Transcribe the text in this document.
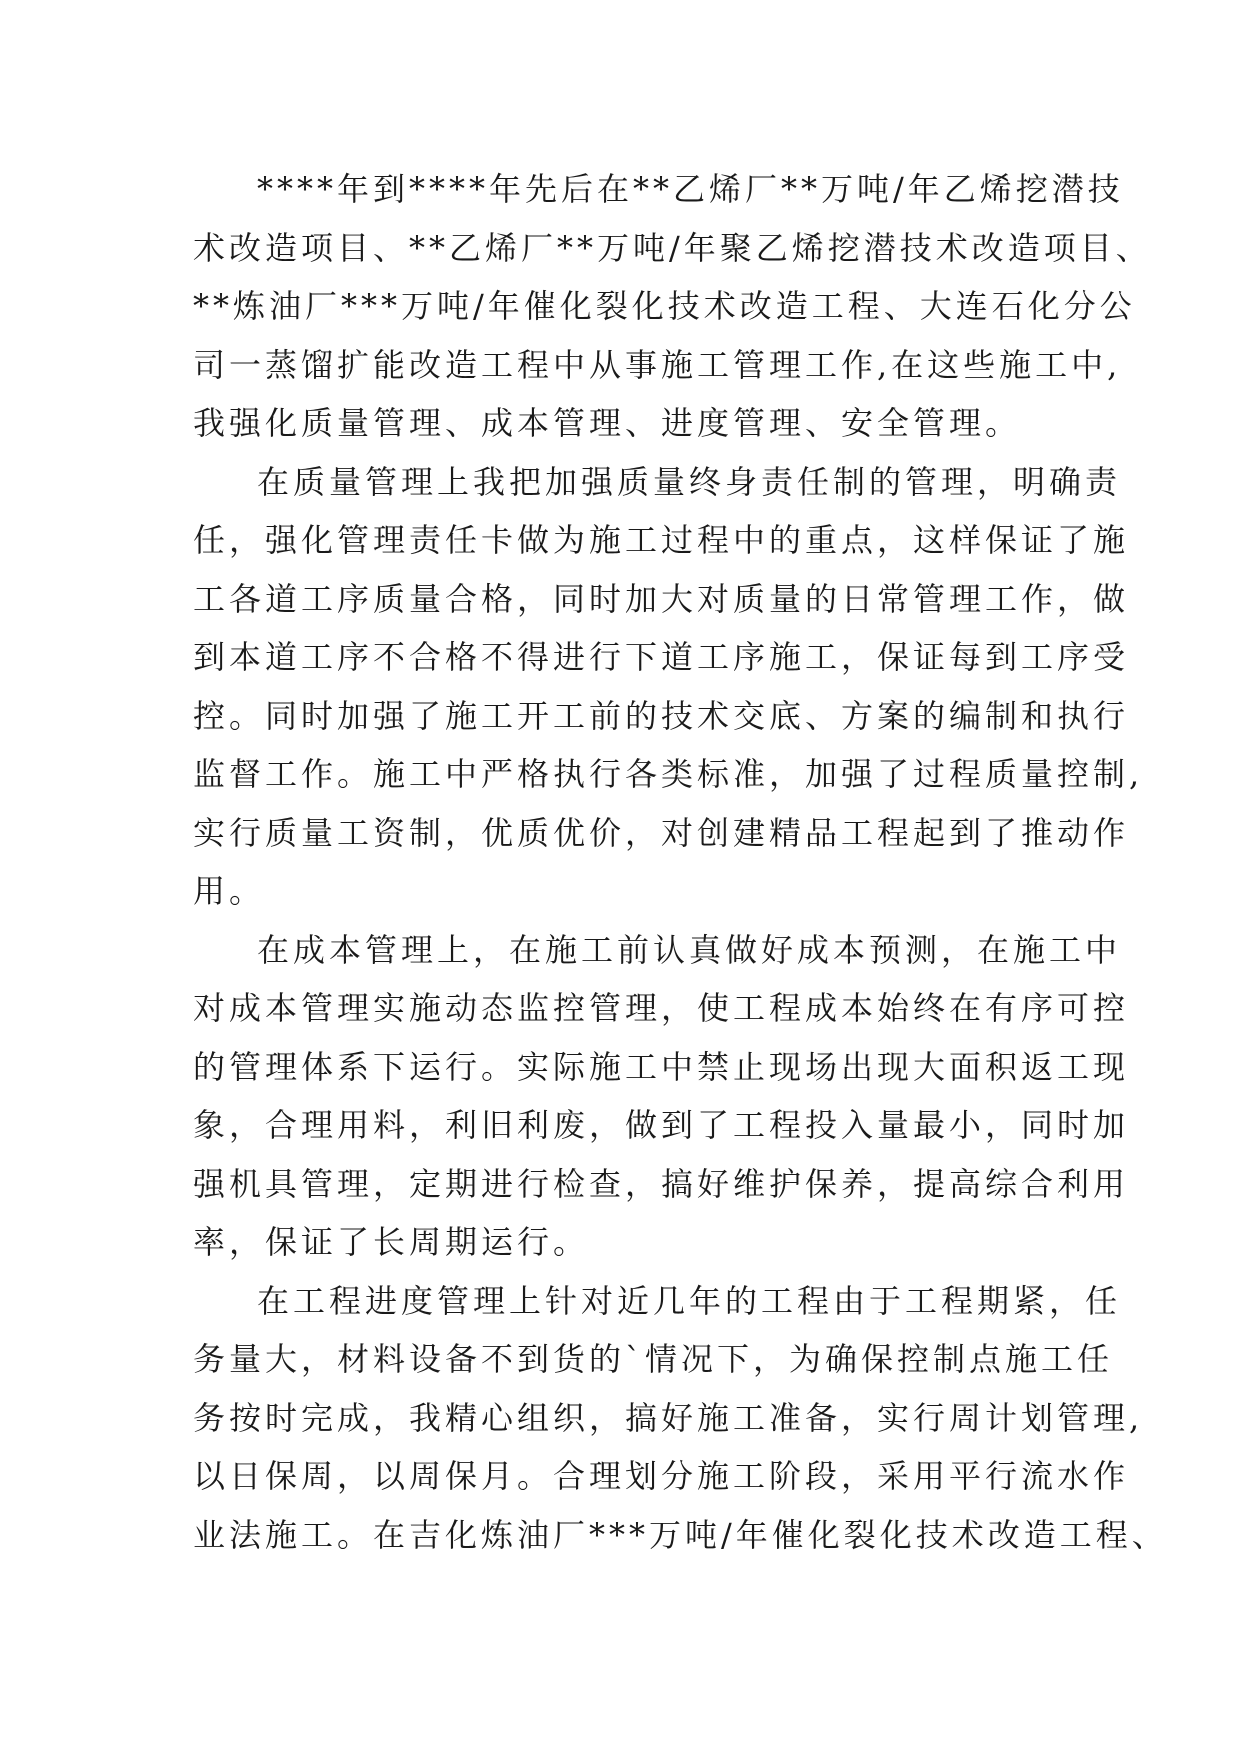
****年到****年先后在**乙烯厂**万吨/年乙烯挖潜技
术改造项目、**乙烯厂**万吨/年聚乙烯挖潜技术改造项目、
**炼油厂***万吨/年催化裂化技术改造工程、大连石化分公
司一蒸馏扩能改造工程中从事施工管理工作,在这些施工中,
我强化质量管理、成本管理、进度管理、安全管理。

在质量管理上我把加强质量终身责任制的管理，明确责
任，强化管理责任卡做为施工过程中的重点，这样保证了施
工各道工序质量合格，同时加大对质量的日常管理工作，做
到本道工序不合格不得进行下道工序施工，保证每到工序受
控。同时加强了施工开工前的技术交底、方案的编制和执行
监督工作。施工中严格执行各类标准，加强了过程质量控制,
实行质量工资制，优质优价，对创建精品工程起到了推动作
用。

在成本管理上，在施工前认真做好成本预测，在施工中
对成本管理实施动态监控管理，使工程成本始终在有序可控
的管理体系下运行。实际施工中禁止现场出现大面积返工现
象，合理用料，利旧利废，做到了工程投入量最小，同时加
强机具管理，定期进行检查，搞好维护保养，提高综合利用
率，保证了长周期运行。

在工程进度管理上针对近几年的工程由于工程期紧，任
务量大，材料设备不到货的`情况下，为确保控制点施工任
务按时完成，我精心组织，搞好施工准备，实行周计划管理,
以日保周，以周保月。合理划分施工阶段，采用平行流水作
业法施工。在吉化炼油厂***万吨/年催化裂化技术改造工程、
